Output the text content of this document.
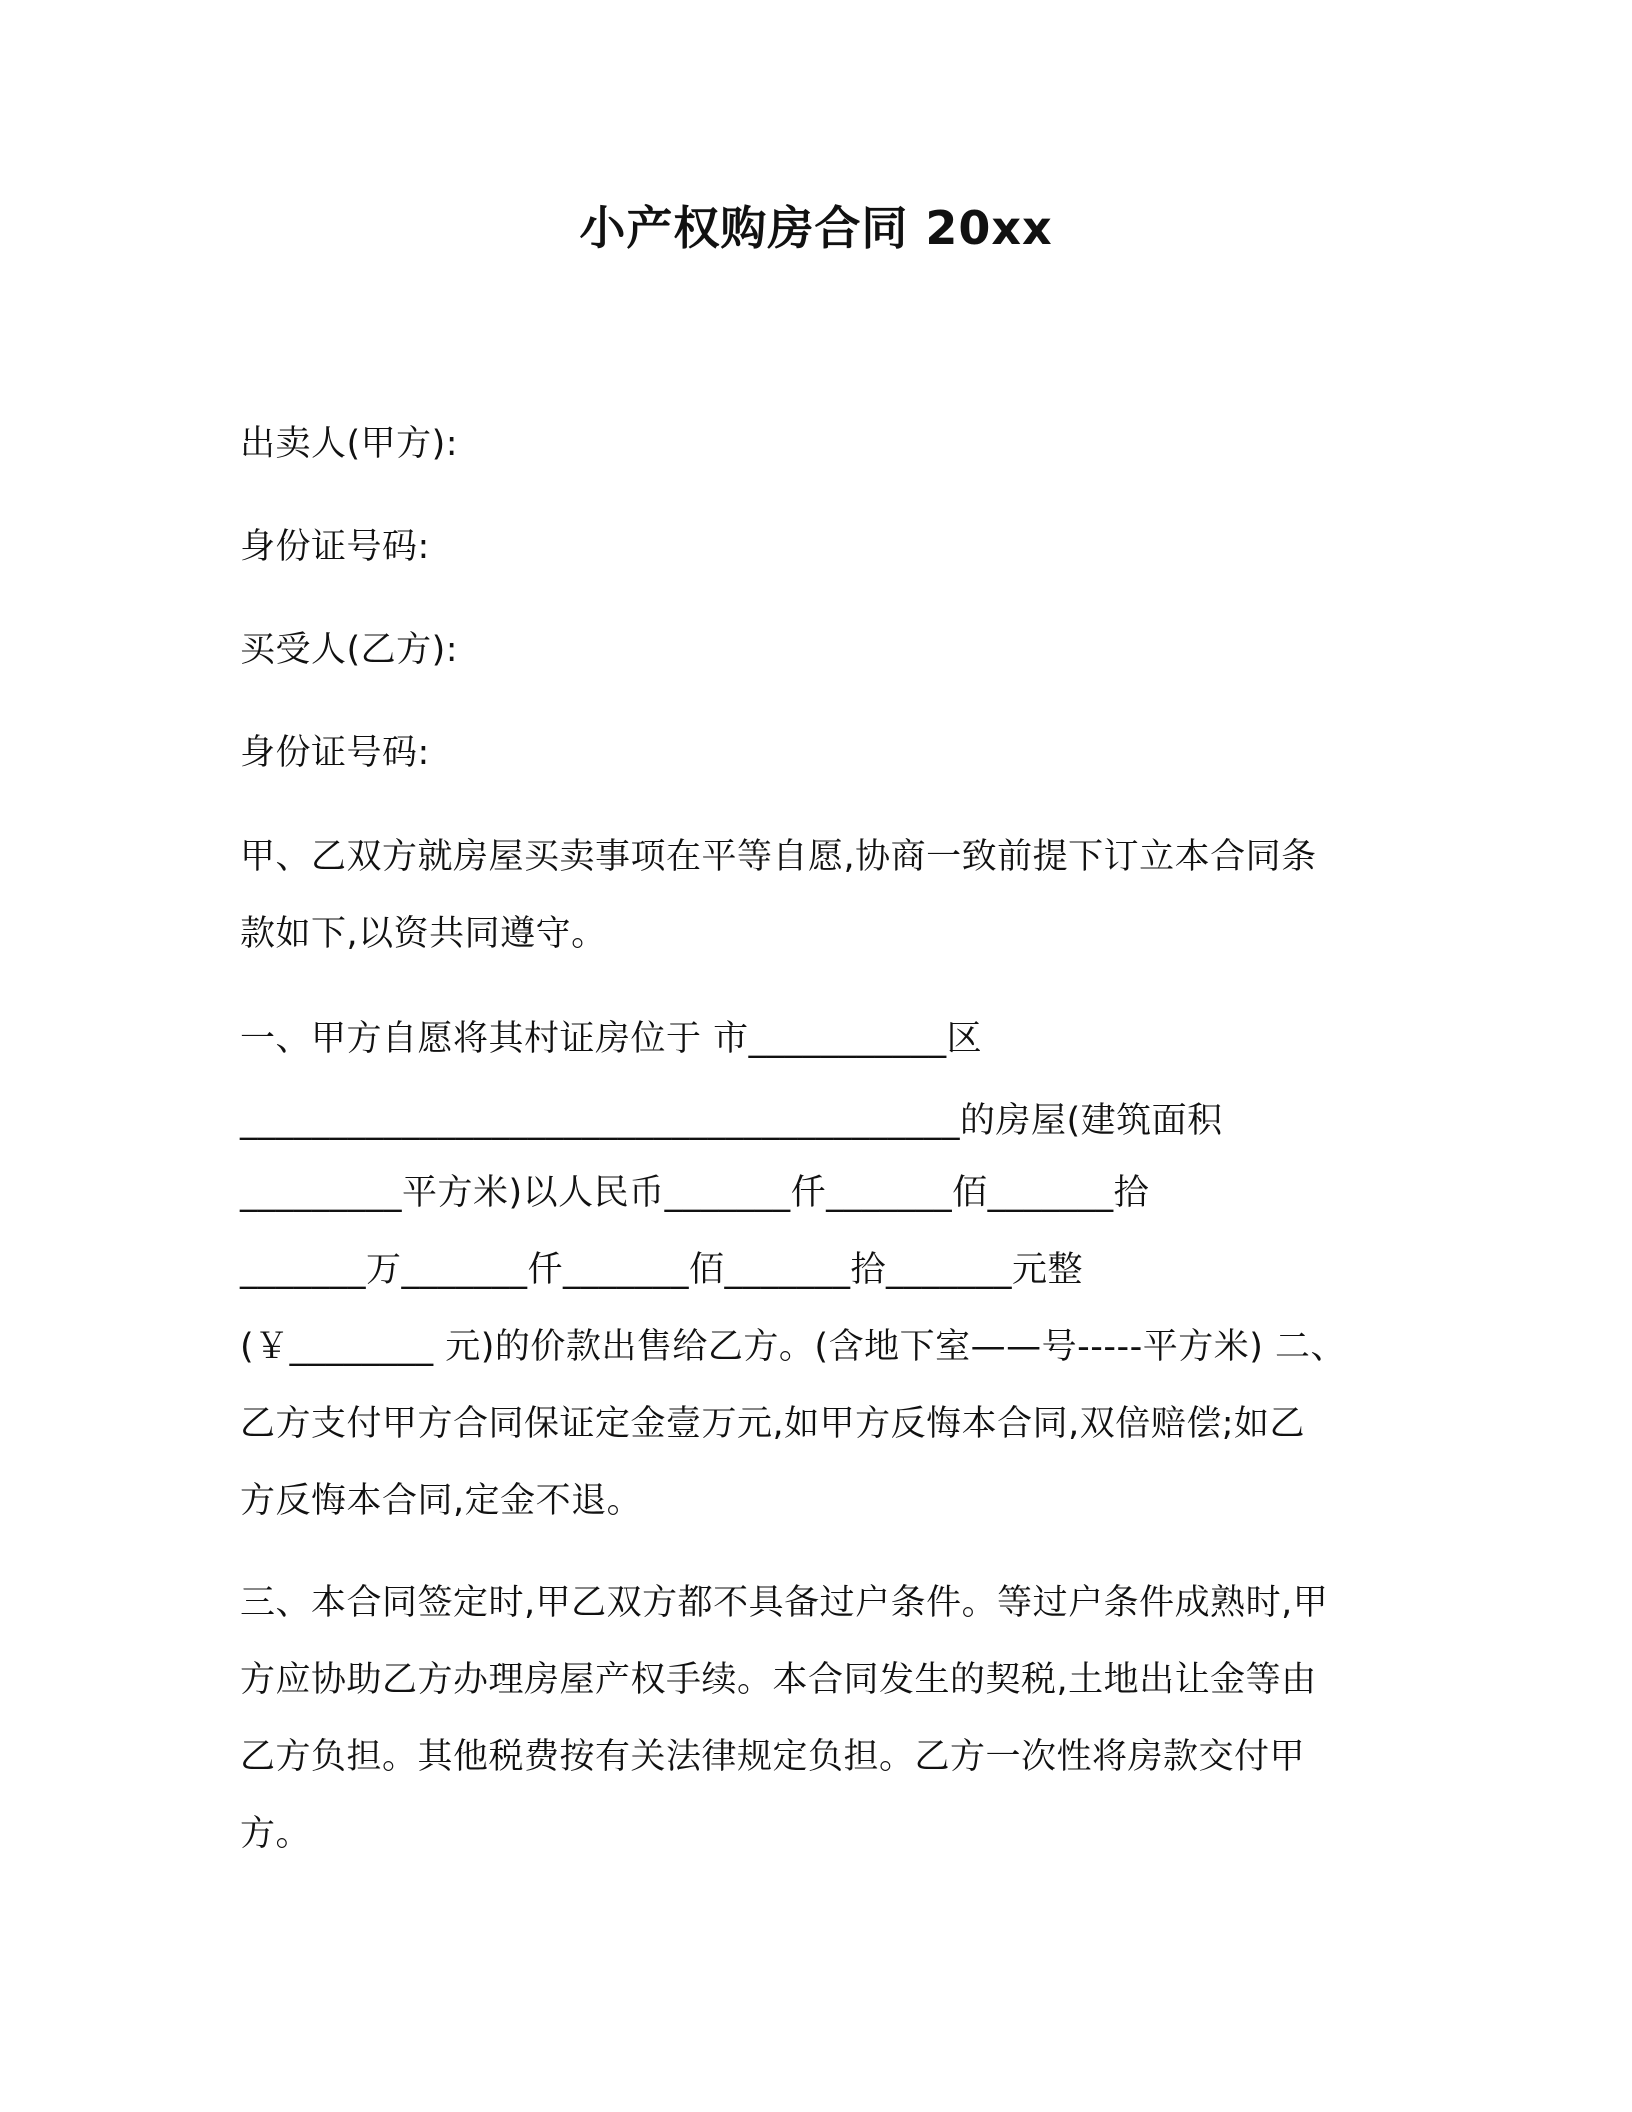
小产权购房合同 20xx
出卖人(甲方):
身份证号码:
买受人(乙方):
身份证号码:
甲、乙双方就房屋买卖事项在平等自愿,协商一致前提下订立本合同条
款如下,以资共同遵守。
一、甲方自愿将其村证房位于 市___________区
________________________________________的房屋(建筑面积
_________平方米)以人民币_______仟_______佰_______拾
_______万_______仟_______佰_______拾_______元整
(￥________ 元)的价款出售给乙方。(含地下室——号-----平方米) 二、
乙方支付甲方合同保证定金壹万元,如甲方反悔本合同,双倍赔偿;如乙
方反悔本合同,定金不退。
三、本合同签定时,甲乙双方都不具备过户条件。等过户条件成熟时,甲
方应协助乙方办理房屋产权手续。本合同发生的契税,土地出让金等由
乙方负担。其他税费按有关法律规定负担。乙方一次性将房款交付甲
方。
